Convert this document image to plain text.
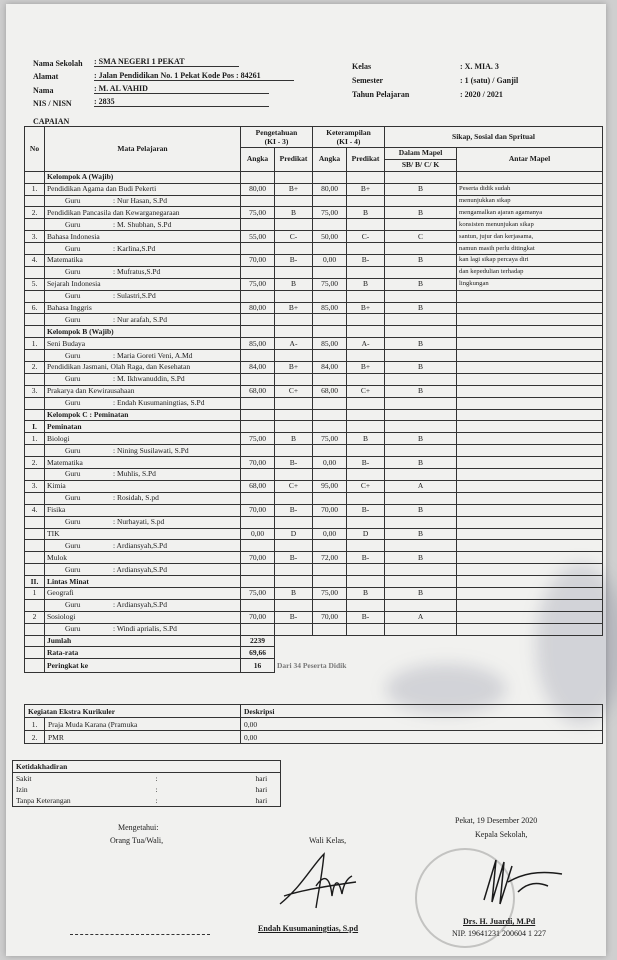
Nama Sekolah : SMA NEGERI 1 PEKAT
Alamat	: Jalan Pendidikan No. 1 Pekat Kode Pos : 84261
Nama	: M. AL VAHID
NIS / NISN	: 2835
Kelas	: X. MIA. 3
Semester	: 1 (satu) / Ganjil
Tahun Pelajaran	: 2020 / 2021
CAPAIAN
No	Mata Pelajaran	Pengetahuan
(KI - 3)		Keterampilan
(KI - 4)		Sikap, Sosial dan Spritual	
		Angka	Predikat	Angka	Predikat	Dalam Mapel	Antar Mapel
						SB/ B/ C/ K	
	Kelompok A (Wajib)						
1.	Pendidikan Agama dan Budi Pekerti	80,00	B+	80,00	B+	B	Peserta didik sudah
	Guru : Nur Hasan, S.Pd						menunjukkan sikap
2.	Pendidikan Pancasila dan Kewarganegaraan	75,00	B	75,00	B	B	mengamalkan ajaran agamanya
	Guru : M. Shubhan, S.Pd						konsisten menunjukan sikap
3.	Bahasa Indonesia	55,00	C-	50,00	C-	C	santun, jujur dan kerjasama,
	Guru : Karlina,S.Pd						namun masih perlu ditingkat
4.	Matematika	70,00	B-	0,00	B-	B	kan lagi sikap percaya diri
	Guru : Mufratus,S.Pd						dan kepedulian terhadap
5.	Sejarah Indonesia	75,00	B	75,00	B	B	lingkungan
	Guru : Sulastri,S.Pd						
6.	Bahasa Inggris	80,00	B+	85,00	B+	B	
	Guru : Nur arafah, S.Pd						
	Kelompok B (Wajib)						
1.	Seni Budaya	85,00	A-	85,00	A-	B	
	Guru : Maria Goreti Veni, A.Md						
2.	Pendidikan Jasmani, Olah Raga, dan Kesehatan	84,00	B+	84,00	B+	B	
	Guru : M. Ikhwanuddin, S.Pd						
3.	Prakarya dan Kewirausahaan	68,00	C+	68,00	C+	B	
	Guru : Endah Kusumaningtias, S.Pd						
	Kelompok C : Peminatan						
I.	Peminatan						
1.	Biologi	75,00	B	75,00	B	B	
	Guru : Nining Susilawati, S.Pd						
2.	Matematika	70,00	B-	0,00	B-	B	
	Guru : Muhlis, S.Pd						
3.	Kimia	68,00	C+	95,00	C+	A	
	Guru : Rosidah, S.pd						
4.	Fisika	70,00	B-	70,00	B-	B	
	Guru : Nurhayati, S.pd						
	TIK	0,00	D	0,00	D	B	
	Guru : Ardiansyah,S.Pd						
	Mulok	70,00	B-	72,00	B-	B	
	Guru : Ardiansyah,S.Pd						
II.	Lintas Minat						
1	Geografi	75,00	B	75,00	B	B	
	Guru : Ardiansyah,S.Pd						
2	Sosiologi	70,00	B-	70,00	B-	A	
	Guru : Windi aprialis, S.Pd						
	Jumlah	2239					
	Rata-rata	69,66					
	Peringkat ke	16	Dari 34 Peserta Didik				
Kegiatan Ekstra Kurikuler		Deskripsi
1.	Praja Muda Karana (Pramuka	0,00
2.	PMR	0,00
Ketidakhadiran		
Sakit	:	hari
Izin	:	hari
Tanpa Keterangan	:	hari
Mengetahui:
Orang Tua/Wali,	Wali Kelas,
Endah Kusumaningtias, S.pd
Pekat, 19 Desember 2020
Kepala Sekolah,
Drs. H. Juardi, M.Pd
NIP. 19641231 200604 1 227
